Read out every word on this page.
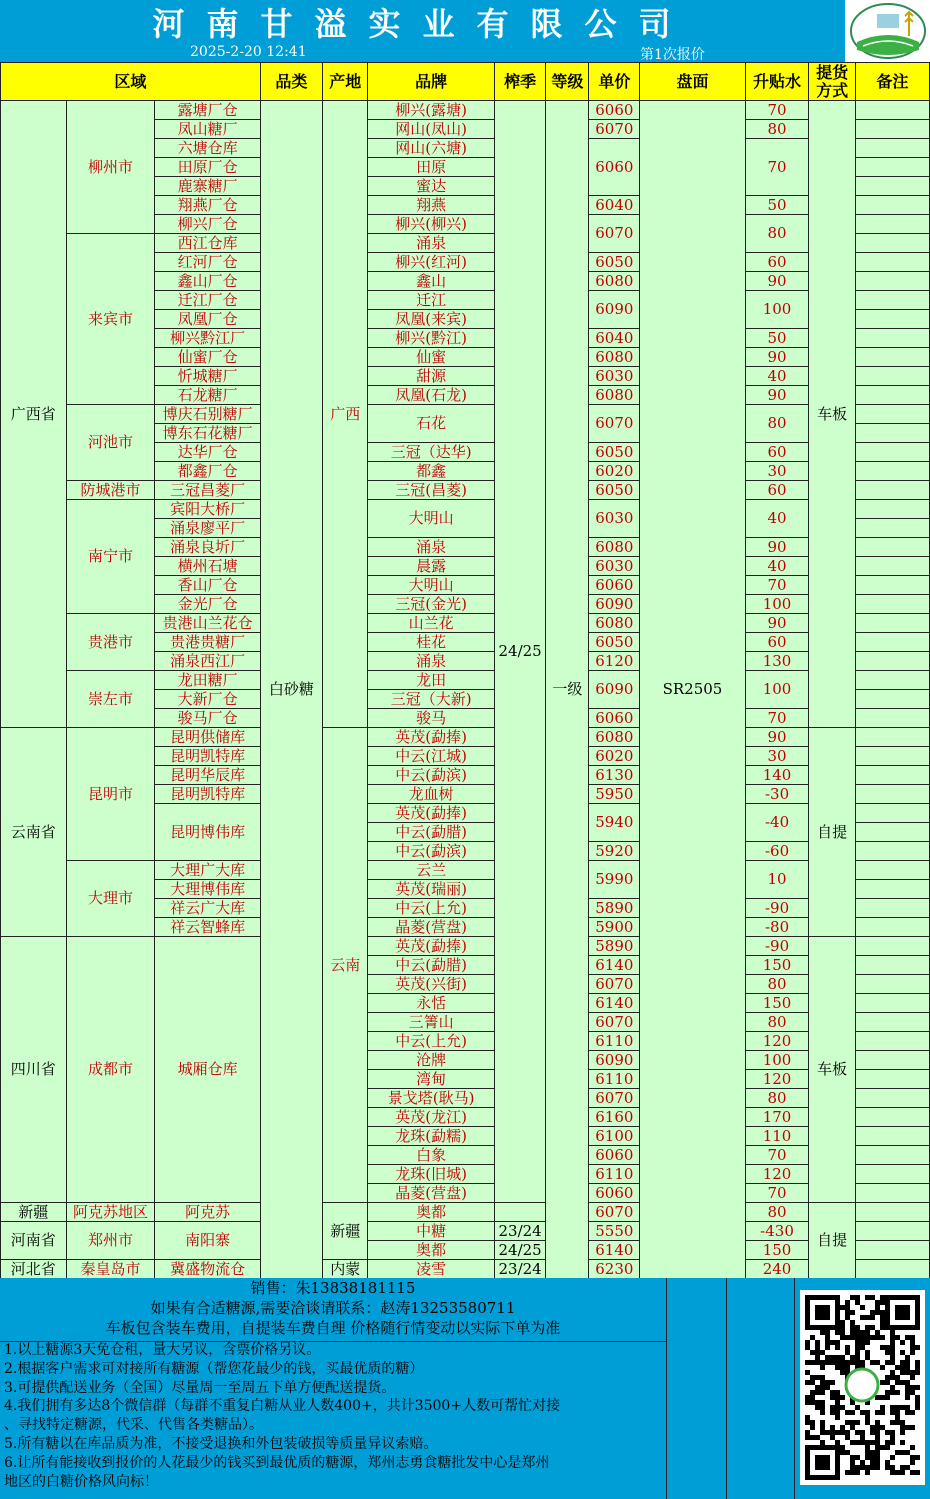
河南甘溢实业有限公司
2025-2-20 12:41	第1次报价
区域			品类	产地	品牌	榨季	等级	单价	盘面	升贴水	提货方式	备注
广西省	柳州市	露塘厂仓	白砂糖	广西	柳兴(露塘)	24/25	一级	6060	SR2505	70	车板	
		凤山糖厂			网山(凤山)			6070		80		
		六塘仓库			网山(六塘)			6060		70		
		田原厂仓			田原							
		鹿寨糖厂			蜜达							
		翔燕厂仓			翔燕			6040		50		
		柳兴厂仓			柳兴(柳兴)			6070		80		
	来宾市	西江仓库			涌泉							
		红河厂仓			柳兴(红河)			6050		60		
		鑫山厂仓			鑫山			6080		90		
		迁江厂仓			迁江			6090		100		
		凤凰厂仓			凤凰(来宾)							
		柳兴黔江厂			柳兴(黔江)			6040		50		
		仙蜜厂仓			仙蜜			6080		90		
		忻城糖厂			甜源			6030		40		
		石龙糖厂			凤凰(石龙)			6080		90		
	河池市	博庆石别糖厂			石花			6070		80		
		博东石花糖厂										
		达华厂仓			三冠（达华)			6050		60		
		都鑫厂仓			都鑫			6020		30		
	防城港市	三冠昌菱厂			三冠(昌菱)			6050		60		
	南宁市	宾阳大桥厂			大明山			6030		40		
		涌泉廖平厂										
		涌泉良圻厂			涌泉			6080		90		
		横州石塘			晨露			6030		40		
		香山厂仓			大明山			6060		70		
		金光厂仓			三冠(金光)			6090		100		
	贵港市	贵港山兰花仓			山兰花			6080		90		
		贵港贵糖厂			桂花			6050		60		
		涌泉西江厂			涌泉			6120		130		
	崇左市	龙田糖厂			龙田			6090		100		
		大新厂仓			三冠（大新)							
		骏马厂仓			骏马			6060		70		
云南省	昆明市	昆明供储库		云南	英茂(勐捧)			6080		90	自提	
		昆明凯特库			中云(江城)			6020		30		
		昆明华辰库			中云(勐滨)			6130		140		
		昆明凯特库			龙血树			5950		-30		
		昆明博伟库			英茂(勐捧)			5940		-40		
					中云(勐腊)							
					中云(勐滨)			5920		-60		
	大理市	大理广大库			云兰			5990		10		
		大理博伟库			英茂(瑞丽)							
		祥云广大库			中云(上允)			5890		-90		
		祥云智蜂库			晶菱(营盘)			5900		-80		
四川省	成都市	城厢仓库			英茂(勐捧)			5890		-90	车板	
					中云(勐腊)			6140		150		
					英茂(兴街)			6070		80		
					永恬			6140		150		
					三箐山			6070		80		
					中云(上允)			6110		120		
					沧牌			6090		100		
					湾甸			6110		120		
					景戈塔(耿马)			6070		80		
					英茂(龙江)			6160		170		
					龙珠(勐糯)			6100		110		
					白象			6060		70		
					龙珠(旧城)			6110		120		
					晶菱(营盘)			6060		70		
新疆	阿克苏地区	阿克苏		新疆	奥都			6070		80	自提	
河南省	郑州市	南阳寨			中糖	23/24		5550		-430		
					奥都	24/25		6140		150		
河北省	秦皇岛市	冀盛物流仓		内蒙	凌雪	23/24		6230		240		
销售：朱13838181115
如果有合适糖源,需要洽谈请联系：赵涛13253580711
车板包含装车费用，自提装车费自理 价格随行情变动以实际下单为准
1.以上糖源3天免仓租，量大另议，含票价格另议。
2.根据客户需求可对接所有糖源（帮您花最少的钱，买最优质的糖）
3.可提供配送业务（全国）尽量周一至周五下单方便配送提货。
4.我们拥有多达8个微信群（每群不重复白糖从业人数400+，共计3500+人数可帮忙对接
、寻找特定糖源，代采、代售各类糖品）。
5.所有糖以在库品质为准，不接受退换和外包装破损等质量异议索赔。
6.让所有能接收到报价的人花最少的钱买到最优质的糖源，郑州志勇食糖批发中心是郑州
地区的白糖价格风向标！
